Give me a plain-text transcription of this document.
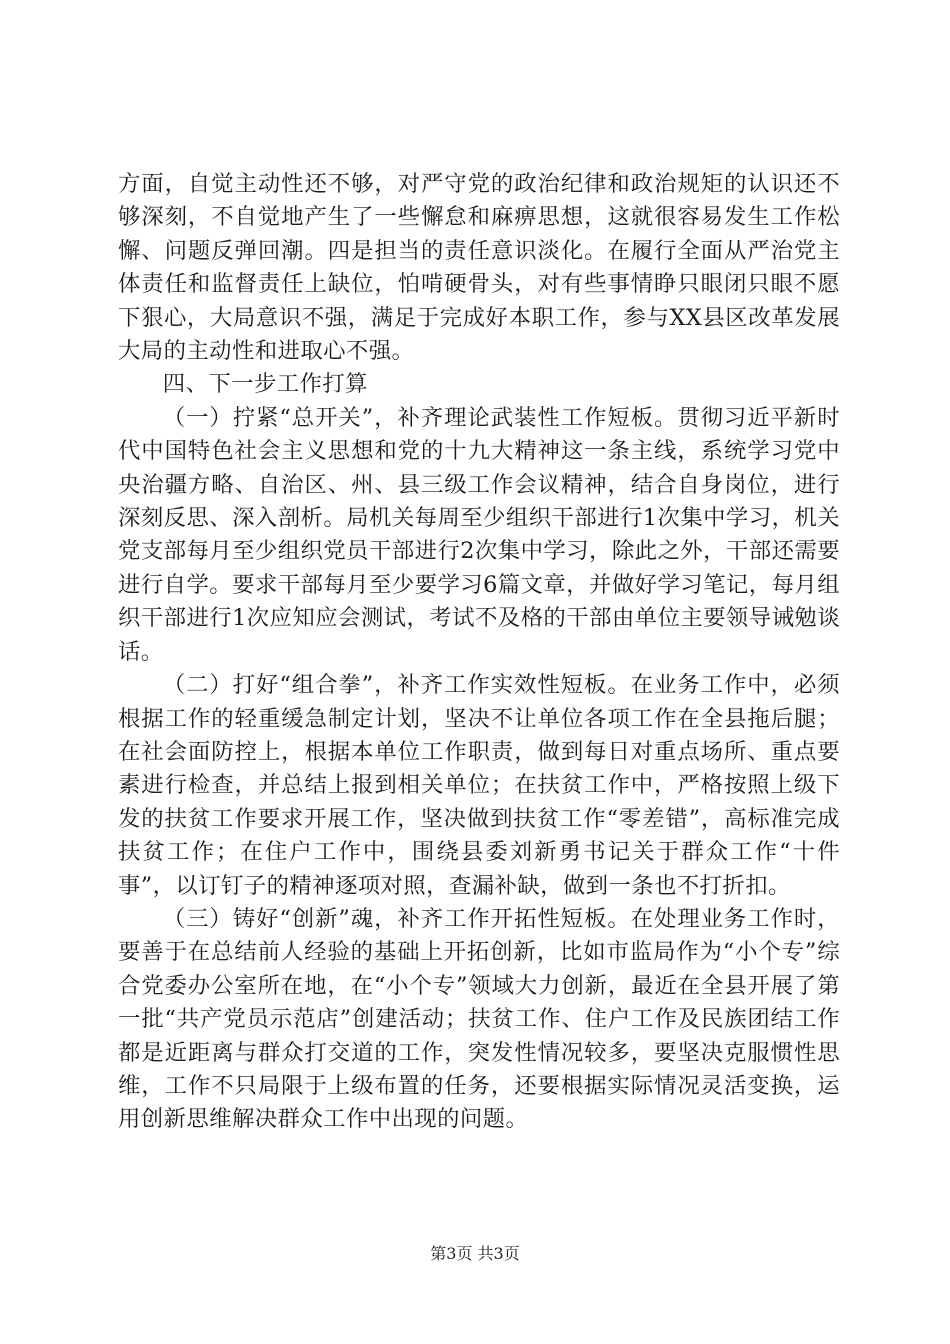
方面，自觉主动性还不够，对严守党的政治纪律和政治规矩的认识还不够深刻，不自觉地产生了一些懈怠和麻痹思想，这就很容易发生工作松懈、问题反弹回潮。四是担当的责任意识淡化。在履行全面从严治党主体责任和监督责任上缺位，怕啃硬骨头，对有些事情睁只眼闭只眼不愿下狠心，大局意识不强，满足于完成好本职工作，参与XX县区改革发展大局的主动性和进取心不强。

四、下一步工作打算

（一）拧紧“总开关”，补齐理论武装性工作短板。贯彻习近平新时代中国特色社会主义思想和党的十九大精神这一条主线，系统学习党中央治疆方略、自治区、州、县三级工作会议精神，结合自身岗位，进行深刻反思、深入剖析。局机关每周至少组织干部进行1次集中学习，机关党支部每月至少组织党员干部进行2次集中学习，除此之外，干部还需要进行自学。要求干部每月至少要学习6篇文章，并做好学习笔记，每月组织干部进行1次应知应会测试，考试不及格的干部由单位主要领导诫勉谈话。

（二）打好“组合拳”，补齐工作实效性短板。在业务工作中，必须根据工作的轻重缓急制定计划，坚决不让单位各项工作在全县拖后腿；在社会面防控上，根据本单位工作职责，做到每日对重点场所、重点要素进行检查，并总结上报到相关单位；在扶贫工作中，严格按照上级下发的扶贫工作要求开展工作，坚决做到扶贫工作“零差错”，高标准完成扶贫工作；在住户工作中，围绕县委刘新勇书记关于群众工作“十件事”，以订钉子的精神逐项对照，查漏补缺，做到一条也不打折扣。

（三）铸好“创新”魂，补齐工作开拓性短板。在处理业务工作时，要善于在总结前人经验的基础上开拓创新，比如市监局作为“小个专”综合党委办公室所在地，在“小个专”领域大力创新，最近在全县开展了第一批“共产党员示范店”创建活动；扶贫工作、住户工作及民族团结工作都是近距离与群众打交道的工作，突发性情况较多，要坚决克服惯性思维，工作不只局限于上级布置的任务，还要根据实际情况灵活变换，运用创新思维解决群众工作中出现的问题。

第3页 共3页
